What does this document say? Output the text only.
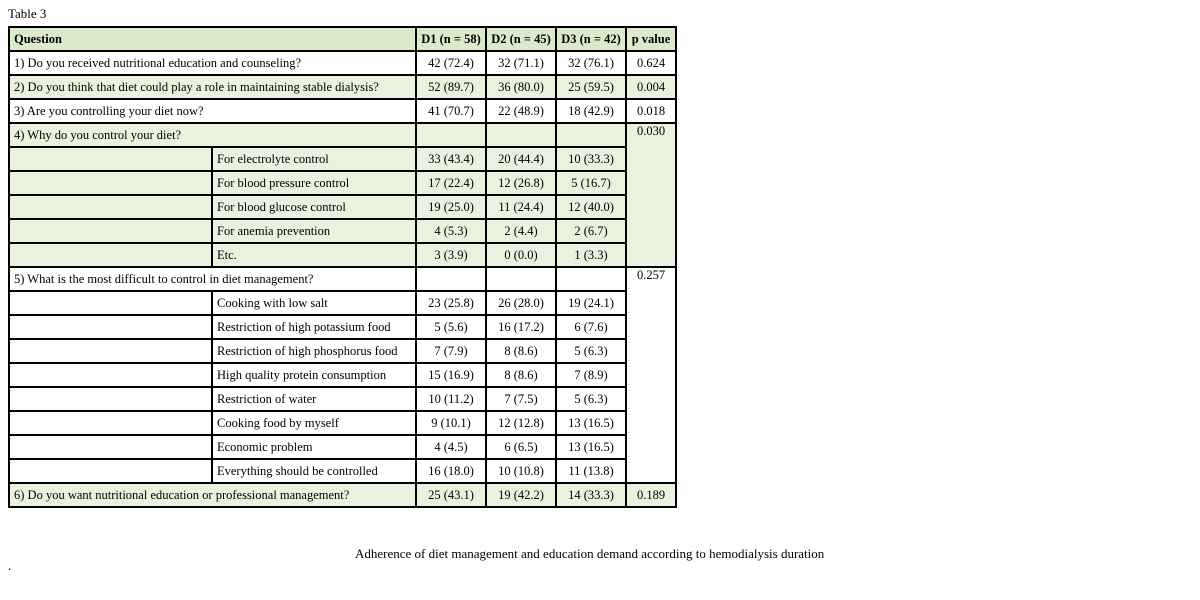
Table 3
Question		D1 (n = 58)	D2 (n = 45)	D3 (n = 42)	p value
1) Do you received nutritional education and counseling?		42 (72.4)	32 (71.1)	32 (76.1)	0.624
2) Do you think that diet could play a role in maintaining stable dialysis?		52 (89.7)	36 (80.0)	25 (59.5)	0.004
3) Are you controlling your diet now?		41 (70.7)	22 (48.9)	18 (42.9)	0.018
4) Why do you control your diet?					0.030
	For electrolyte control	33 (43.4)	20 (44.4)	10 (33.3)	
	For blood pressure control	17 (22.4)	12 (26.8)	5 (16.7)	
	For blood glucose control	19 (25.0)	11 (24.4)	12 (40.0)	
	For anemia prevention	4 (5.3)	2 (4.4)	2 (6.7)	
	Etc.	3 (3.9)	0 (0.0)	1 (3.3)	
5) What is the most difficult to control in diet management?					0.257
	Cooking with low salt	23 (25.8)	26 (28.0)	19 (24.1)	
	Restriction of high potassium food	5 (5.6)	16 (17.2)	6 (7.6)	
	Restriction of high phosphorus food	7 (7.9)	8 (8.6)	5 (6.3)	
	High quality protein consumption	15 (16.9)	8 (8.6)	7 (8.9)	
	Restriction of water	10 (11.2)	7 (7.5)	5 (6.3)	
	Cooking food by myself	9 (10.1)	12 (12.8)	13 (16.5)	
	Economic problem	4 (4.5)	6 (6.5)	13 (16.5)	
	Everything should be controlled	16 (18.0)	10 (10.8)	11 (13.8)	
6) Do you want nutritional education or professional management?		25 (43.1)	19 (42.2)	14 (33.3)	0.189
Adherence of diet management and education demand according to hemodialysis duration
.
